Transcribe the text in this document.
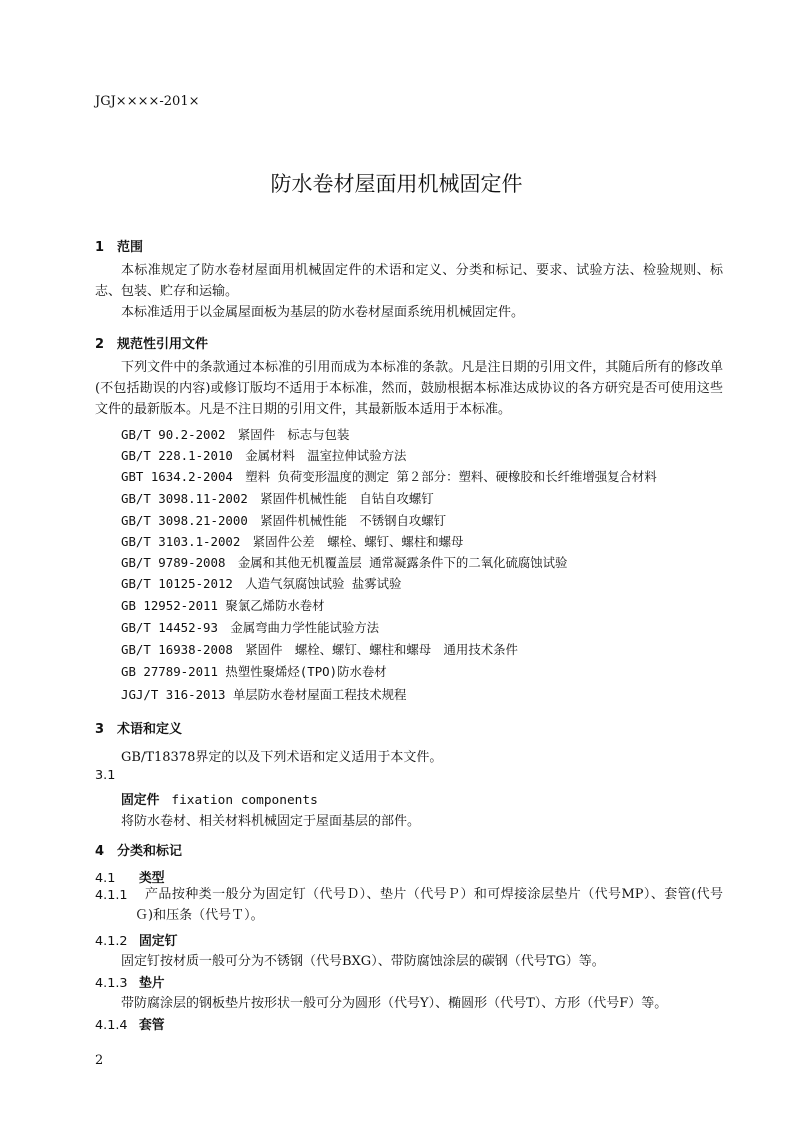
JGJ××××-201×
防水卷材屋面用机械固定件
1 范围
本标准规定了防水卷材屋面用机械固定件的术语和定义、分类和标记、要求、试验方法、检验规则、标志、包装、贮存和运输。
本标准适用于以金属屋面板为基层的防水卷材屋面系统用机械固定件。
2 规范性引用文件
下列文件中的条款通过本标准的引用而成为本标准的条款。凡是注日期的引用文件，其随后所有的修改单(不包括勘误的内容)或修订版均不适用于本标准，然而，鼓励根据本标准达成协议的各方研究是否可使用这些文件的最新版本。凡是不注日期的引用文件，其最新版本适用于本标准。
GB/T 90.2-2002　紧固件　标志与包装
GB/T 228.1-2010　金属材料　温室拉伸试验方法
GBT 1634.2-2004　塑料 负荷变形温度的测定 第２部分：塑料、硬橡胶和长纤维增强复合材料
GB/T 3098.11-2002　紧固件机械性能　自钻自攻螺钉
GB/T 3098.21-2000　紧固件机械性能　不锈钢自攻螺钉
GB/T 3103.1-2002　紧固件公差　螺栓、螺钉、螺柱和螺母
GB/T 9789-2008　金属和其他无机覆盖层 通常凝露条件下的二氧化硫腐蚀试验
GB/T 10125-2012　人造气氛腐蚀试验 盐雾试验
GB 12952-2011 聚氯乙烯防水卷材
GB/T 14452-93　金属弯曲力学性能试验方法
GB/T 16938-2008　紧固件　螺栓、螺钉、螺柱和螺母　通用技术条件
GB 27789-2011 热塑性聚烯烃(TPO)防水卷材
JGJ/T 316-2013 单层防水卷材屋面工程技术规程
3 术语和定义
GB/T18378界定的以及下列术语和定义适用于本文件。
3.1
固定件 fixation components
将防水卷材、相关材料机械固定于屋面基层的部件。
4 分类和标记
4.1 类型
4.1.1	产品按种类一般分为固定钉（代号Ｄ）、垫片（代号Ｐ）和可焊接涂层垫片（代号MP）、套管(代号Ｇ)和压条（代号Ｔ）。
4.1.2 固定钉
固定钉按材质一般可分为不锈钢（代号BXG）、带防腐蚀涂层的碳钢（代号TG）等。
4.1.3 垫片
带防腐涂层的钢板垫片按形状一般可分为圆形（代号Y）、椭圆形（代号T）、方形（代号F）等。
4.1.4 套管
2
